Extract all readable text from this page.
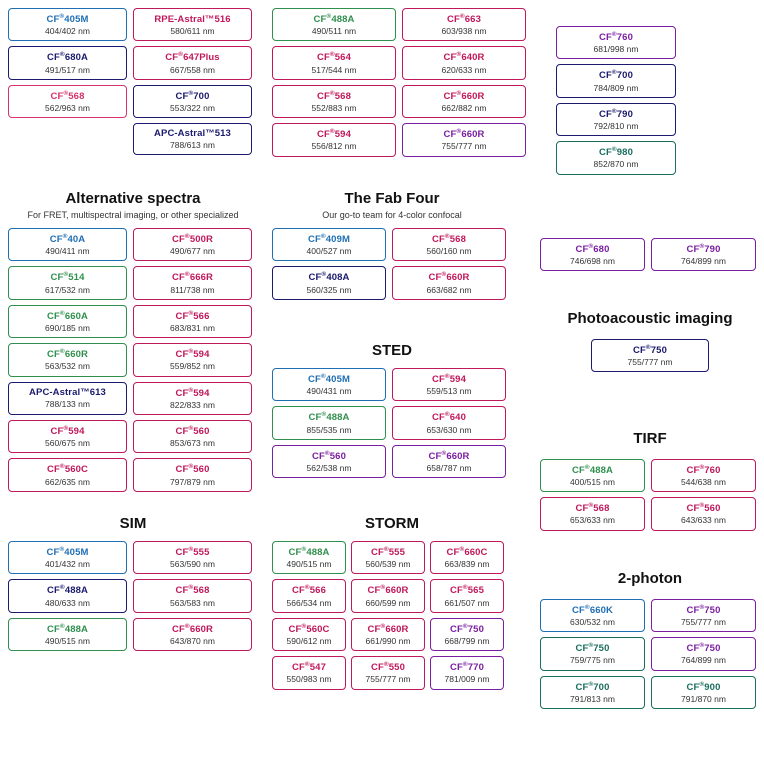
CF®405M
404/402 nm
RPE-Astral™516
580/611 nm
CF®680A
491/517 nm
CF®647Plus
667/558 nm
CF®568
562/963 nm
CF®700
553/322 nm
APC-Astral™513
788/613 nm
CF®488A
490/511 nm
CF®663
603/938 nm
CF®564
517/544 nm
CF®640R
620/633 nm
CF®568
552/883 nm
CF®660R
662/882 nm
CF®594
556/812 nm
CF®660R
755/777 nm
CF®760
681/998 nm
CF®700
784/809 nm
CF®790
792/810 nm
CF®980
852/870 nm
Alternative spectra
For FRET, multispectral imaging, or other specialized
CF®40A
490/411 nm
CF®500R
490/677 nm
CF®514
617/532 nm
CF®666R
811/738 nm
CF®660A
690/185 nm
CF®566
683/831 nm
CF®660R
563/532 nm
CF®594
559/852 nm
APC-Astral™613
788/133 nm
CF®594
822/833 nm
CF®594
560/675 nm
CF®560
853/673 nm
CF®560C
662/635 nm
CF®560
797/879 nm
The Fab Four
Our go-to team for 4-color confocal
CF®409M
400/527 nm
CF®568
560/160 nm
CF®408A
560/325 nm
CF®660R
663/682 nm
STED
CF®405M
490/431 nm
CF®594
559/513 nm
CF®488A
855/535 nm
CF®640
653/630 nm
CF®560
562/538 nm
CF®660R
658/787 nm
SIM
CF®405M
401/432 nm
CF®555
563/590 nm
CF®488A
480/633 nm
CF®568
563/583 nm
CF®488A
490/515 nm
CF®660R
643/870 nm
STORM
CF®488A
490/515 nm
CF®555
560/539 nm
CF®660C
663/839 nm
CF®566
566/534 nm
CF®660R
660/599 nm
CF®565
661/507 nm
CF®560C
590/612 nm
CF®660R
661/990 nm
CF®750
668/799 nm
CF®547
550/983 nm
CF®550
755/777 nm
CF®770
781/009 nm
CF®680
746/698 nm
CF®790
764/899 nm
Photoacoustic imaging
CF®750
755/777 nm
TIRF
CF®488A
400/515 nm
CF®760
544/638 nm
CF®568
653/633 nm
CF®560
643/633 nm
2-photon
CF®660K
630/532 nm
CF®750
755/777 nm
CF®750
759/775 nm
CF®750
764/899 nm
CF®700
791/813 nm
CF®900
791/870 nm
